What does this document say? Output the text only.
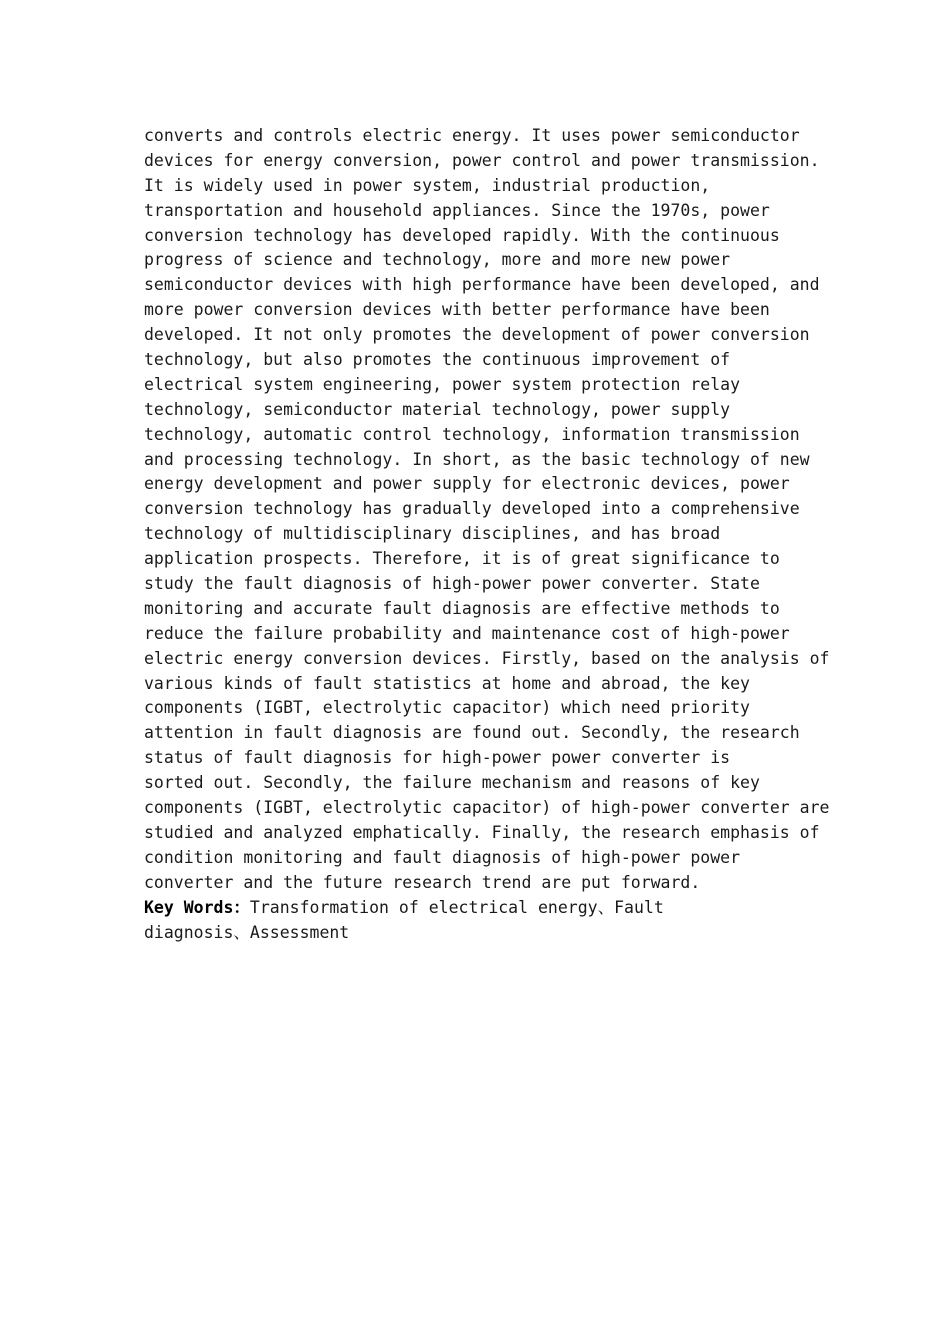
converts and controls electric energy. It uses power semiconductor
devices for energy conversion, power control and power transmission.
It is widely used in power system, industrial production,
transportation and household appliances. Since the 1970s, power
conversion technology has developed rapidly. With the continuous
progress of science and technology, more and more new power
semiconductor devices with high performance have been developed, and
more power conversion devices with better performance have been
developed. It not only promotes the development of power conversion
technology, but also promotes the continuous improvement of
electrical system engineering, power system protection relay
technology, semiconductor material technology, power supply
technology, automatic control technology, information transmission
and processing technology. In short, as the basic technology of new
energy development and power supply for electronic devices, power
conversion technology has gradually developed into a comprehensive
technology of multidisciplinary disciplines, and has broad
application prospects. Therefore, it is of great significance to
study the fault diagnosis of high-power power converter. State
monitoring and accurate fault diagnosis are effective methods to
reduce the failure probability and maintenance cost of high-power
electric energy conversion devices. Firstly, based on the analysis of
various kinds of fault statistics at home and abroad, the key
components (IGBT, electrolytic capacitor) which need priority
attention in fault diagnosis are found out. Secondly, the research
status of fault diagnosis for high-power power converter is
sorted out. Secondly, the failure mechanism and reasons of key
components (IGBT, electrolytic capacitor) of high-power converter are
studied and analyzed emphatically. Finally, the research emphasis of
condition monitoring and fault diagnosis of high-power power
converter and the future research trend are put forward.
Key Words：Transformation of electrical energy、Fault
diagnosis、Assessment
